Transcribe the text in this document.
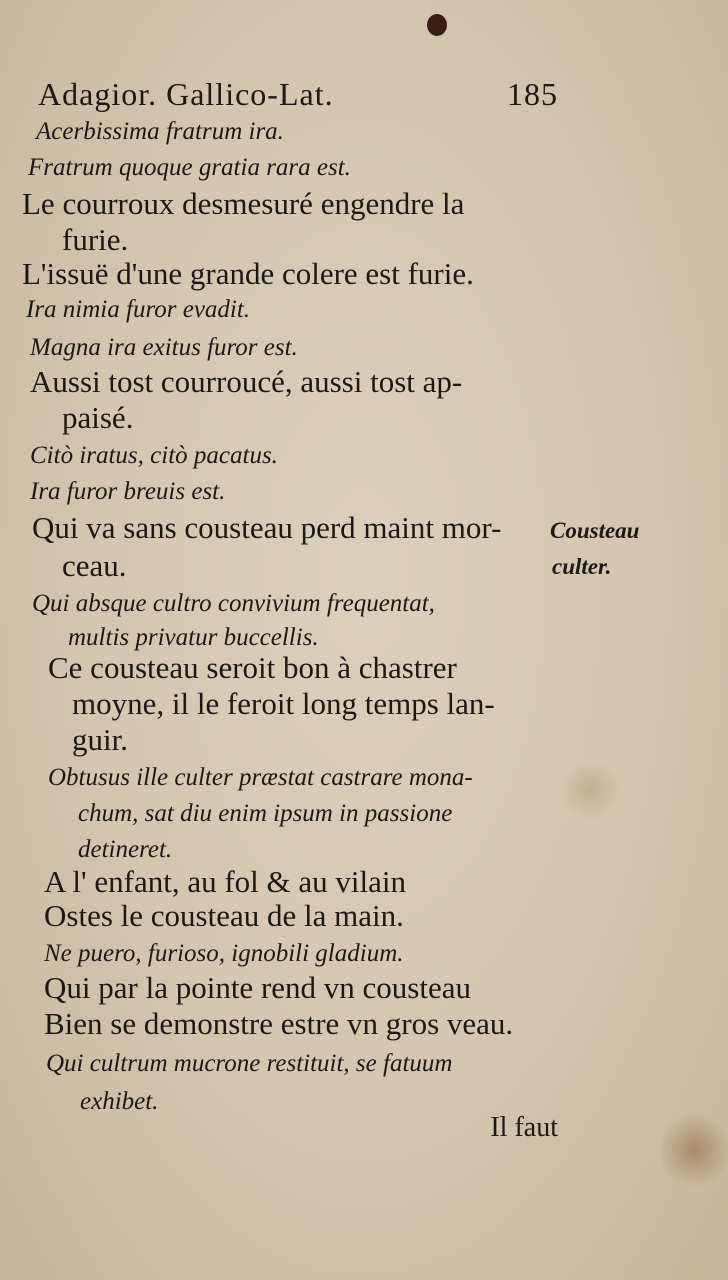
Adagior. Gallico-Lat.	185
Acerbissima fratrum ira.
Fratrum quoque gratia rara est.
Le courroux desmesuré engendre la
furie.
L'issuë d'une grande colere est furie.
Ira nimia furor evadit.
Magna ira exitus furor est.
Aussi tost courroucé, aussi tost ap-
paisé.
Citò iratus, citò pacatus.
Ira furor breuis est.
Qui va sans cousteau perd maint mor-
ceau.
Qui absque cultro convivium frequentat,
multis privatur buccellis.
Ce cousteau seroit bon à chastrer
moyne, il le feroit long temps lan-
guir.
Obtusus ille culter præstat castrare mona-
chum, sat diu enim ipsum in passione
detineret.
A l' enfant, au fol & au vilain
Ostes le cousteau de la main.
Ne puero, furioso, ignobili gladium.
Qui par la pointe rend vn cousteau
Bien se demonstre estre vn gros veau.
Qui cultrum mucrone restituit, se fatuum
exhibet.
Cousteau
culter.
Il faut
